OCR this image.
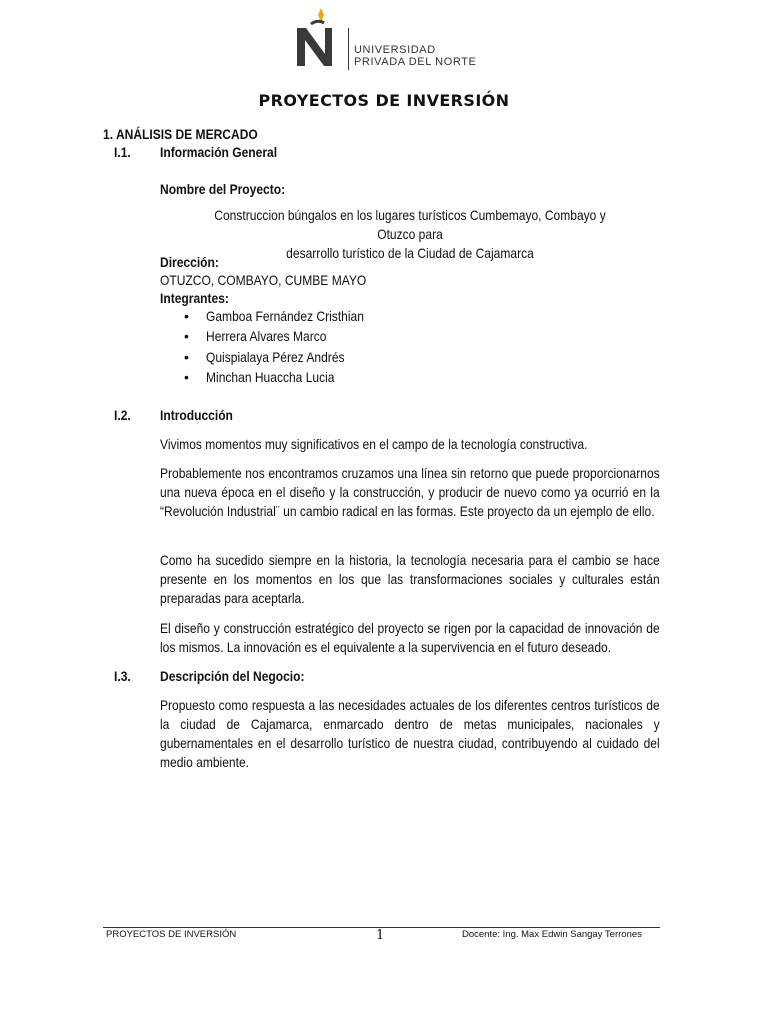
UNIVERSIDAD
PRIVADA DEL NORTE
PROYECTOS DE INVERSIÓN
1. ANÁLISIS DE MERCADO
I.1. Información General
Nombre del Proyecto:
Construccion búngalos en los lugares turísticos Cumbemayo, Combayo y Otuzco para
desarrollo turístico de la Ciudad de Cajamarca
Dirección:
OTUZCO, COMBAYO, CUMBE MAYO
Integrantes:
• Gamboa Fernández Cristhian
• Herrera Alvares Marco
• Quispialaya Pérez Andrés
• Minchan Huaccha Lucia
I.2. Introducción
Vivimos momentos muy significativos en el campo de la tecnología constructiva.
Probablemente nos encontramos cruzamos una línea sin retorno que puede proporcionarnos una nueva época en el diseño y la construcción, y producir de nuevo como ya ocurrió en la “Revolución Industrial¨ un cambio radical en las formas. Este proyecto da un ejemplo de ello.
Como ha sucedido siempre en la historia, la tecnología necesaria para el cambio se hace presente en los momentos en los que las transformaciones sociales y culturales están preparadas para aceptarla.
El diseño y construcción estratégico del proyecto se rigen por la capacidad de innovación de los mismos. La innovación es el equivalente a la supervivencia en el futuro deseado.
I.3. Descripción del Negocio:
Propuesto como respuesta a las necesidades actuales de los diferentes centros turísticos de la ciudad de Cajamarca, enmarcado dentro de metas municipales, nacionales y gubernamentales en el desarrollo turístico de nuestra ciudad, contribuyendo al cuidado del medio ambiente.
PROYECTOS DE INVERSIÓN	1	Docente: Ing. Max Edwin Sangay Terrones
